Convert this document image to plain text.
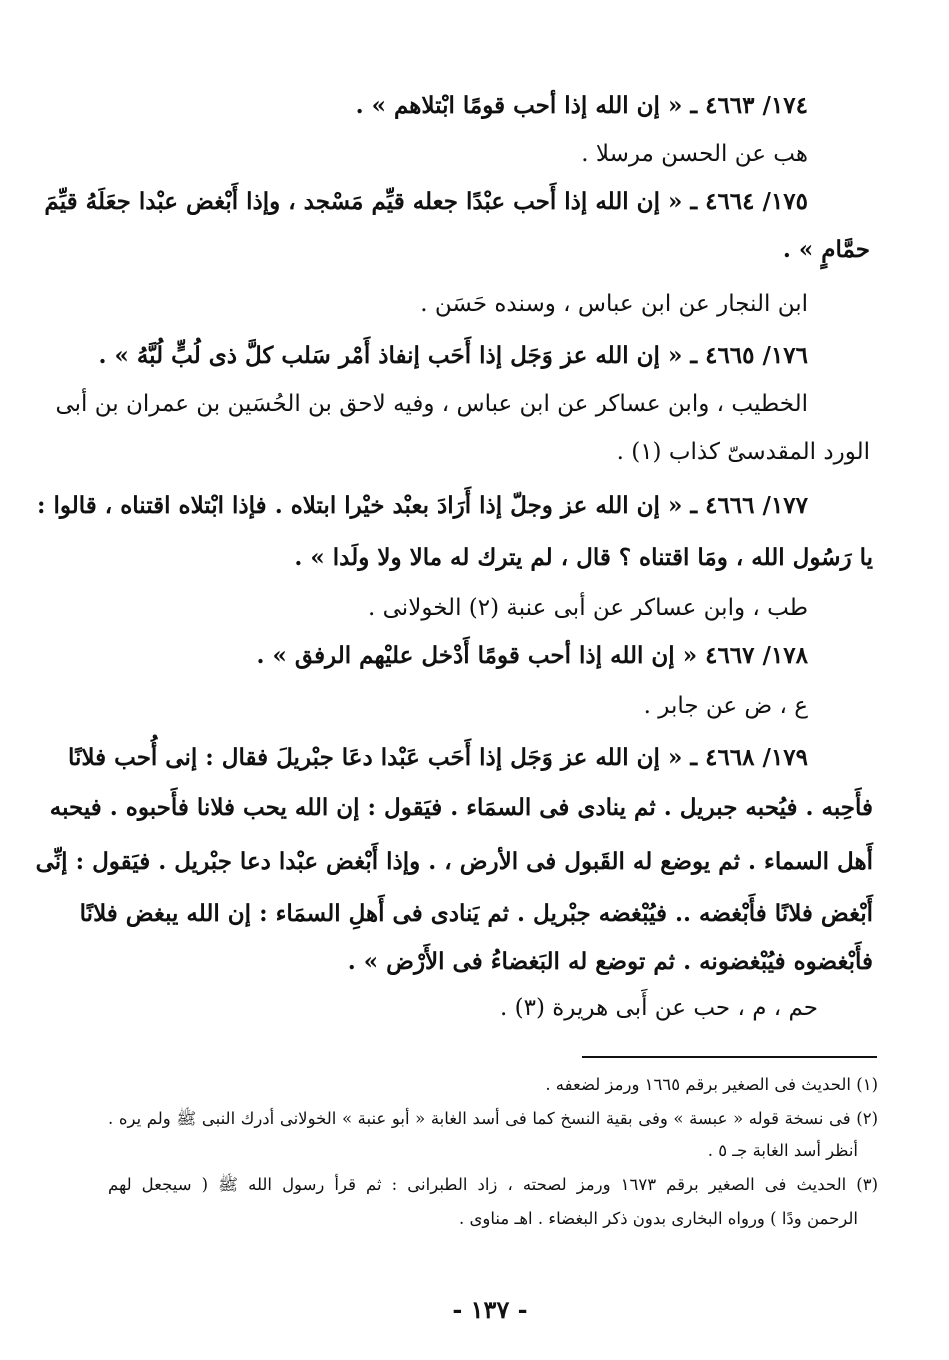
١٧٤/ ٤٦٦٣ ـ « إن الله إذا أحب قومًا ابْتلاهم » .

هب عن الحسن مرسلا .

١٧٥/ ٤٦٦٤ ـ « إن الله إذا أَحب عبْدًا جعله قيِّم مَسْجد ، وإذا أَبْغض عبْدا جعَلَهُ قيِّمَ

حمَّامٍ » .

ابن النجار عن ابن عباس ، وسنده حَسَن .

١٧٦/ ٤٦٦٥ ـ « إن الله عز وَجَل إذا أَحَب إنفاذ أَمْر سَلب كلَّ ذى لُبٍّ لُبَّهُ » .

الخطيب ، وابن عساكر عن ابن عباس ، وفيه لاحق بن الحُسَين بن عمران بن أبى

الورد المقدسىّ كذاب (١) .

١٧٧/ ٤٦٦٦ ـ « إن الله عز وجلّ إذا أَرَادَ بعبْد خيْرا ابتلاه . فإذا ابْتلاه اقتناه ، قالوا :

يا رَسُول الله ، ومَا اقتناه ؟ قال ، لم يترك له مالا ولا ولَدا » .

طب ، وابن عساكر عن أبى عنبة (٢) الخولانى .

١٧٨/ ٤٦٦٧ « إن الله إذا أحب قومًا أَدْخل عليْهم الرفق » .

ع ، ض عن جابر .

١٧٩/ ٤٦٦٨ ـ « إن الله عز وَجَل إذا أَحَب عَبْدا دعَا جبْريلَ فقال : إنى أُحب فلانًا

فأَحِبه . فيُحبه جبريل . ثم ينادى فى السمَاء . فيَقول : إن الله يحب فلانا فأَحبوه . فيحبه

أَهل السماء . ثم يوضع له القَبول فى الأرض ، . وإذا أَبْغض عبْدا دعا جبْريل . فيَقول : إنِّى

أَبْغض فلانًا فأَبْغضه .. فيُبْغضه جبْريل . ثم يَنادى فى أَهلِ السمَاء : إن الله يبغض فلانًا

فأَبْغضوه فيُبْغضونه . ثم توضع له البَغضاءُ فى الأَرْض » .

حم ، م ، حب عن أَبى هريرة (٣) .

(١) الحديث فى الصغير برقم ١٦٦٥ ورمز لضعفه .

(٢) فى نسخة قوله « عبسة » وفى بقية النسخ كما فى أسد الغابة « أبو عنبة » الخولانى أدرك النبى ﷺ ولم يره .

أنظر أسد الغابة جـ ٥ .

(٣) الحديث فى الصغير برقم ١٦٧٣ ورمز لصحته ، زاد الطبرانى : ثم قرأ رسول الله ﷺ ( سيجعل لهم

الرحمن ودًا ) ورواه البخارى بدون ذكر البغضاء . اهـ مناوى .

- ١٣٧ -
